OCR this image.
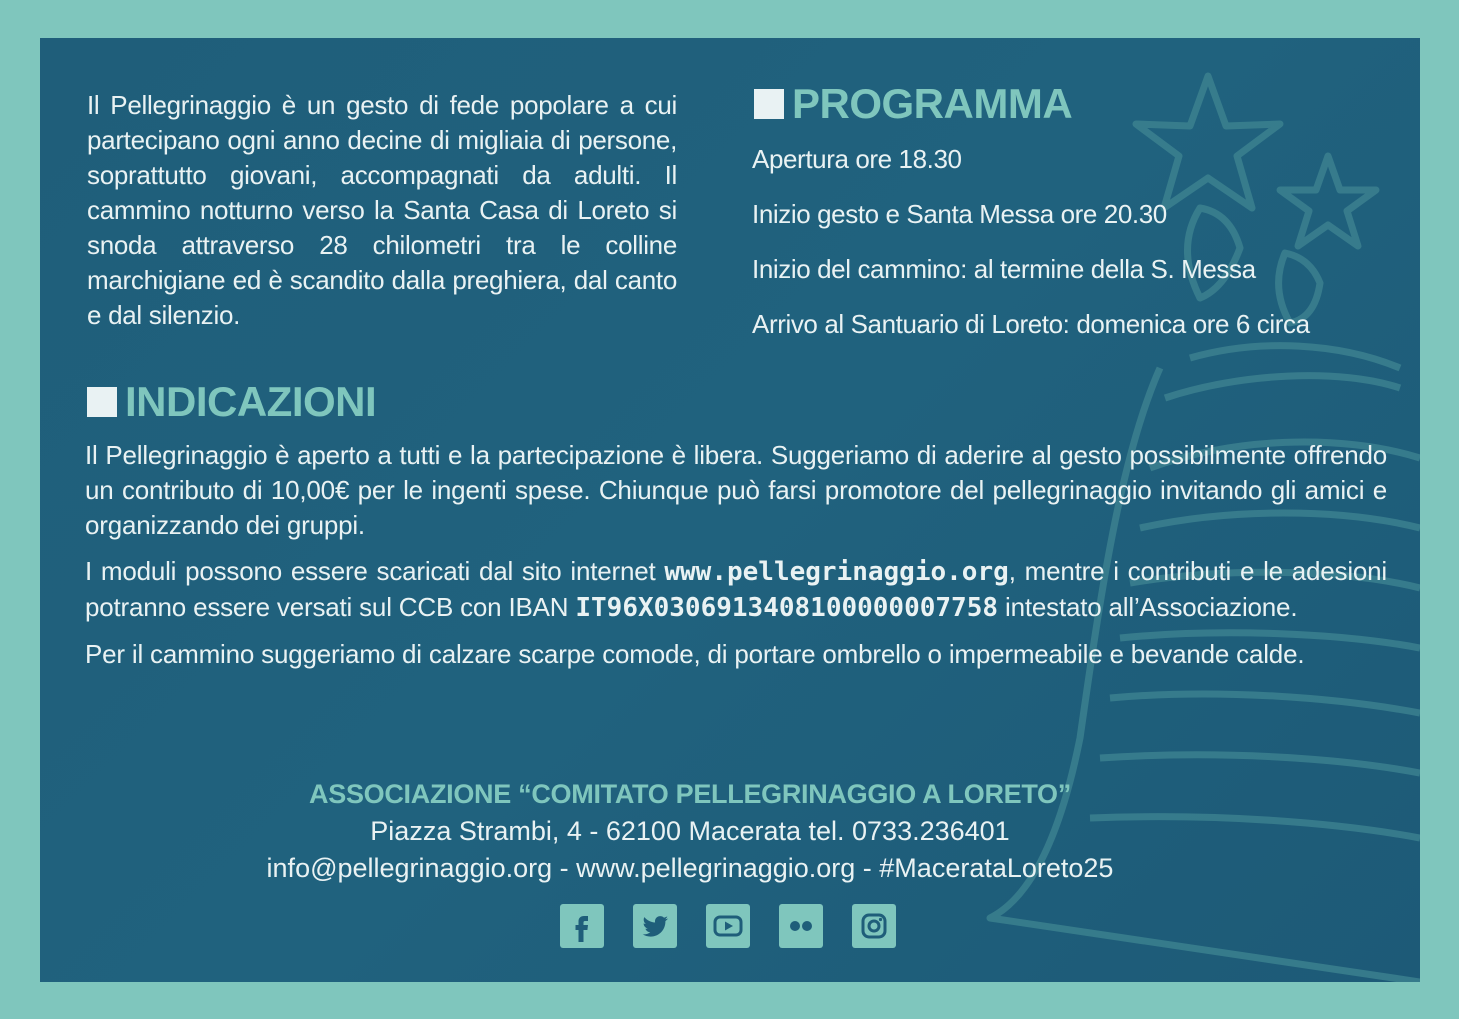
Il Pellegrinaggio è un gesto di fede popolare a cui partecipano ogni anno decine di migliaia di persone, soprattutto giovani, accompagnati da adulti. Il cammino notturno verso la Santa Casa di Loreto si snoda attraverso 28 chilometri tra le colline marchigiane ed è scandito dalla preghiera, dal canto e dal silenzio.
PROGRAMMA
Apertura ore 18.30
Inizio gesto e Santa Messa ore 20.30
Inizio del cammino: al termine della S. Messa
Arrivo al Santuario di Loreto: domenica ore 6 circa
INDICAZIONI

Il Pellegrinaggio è aperto a tutti e la partecipazione è libera. Suggeriamo di aderire al gesto possibilmente offrendo un contributo di 10,00€ per le ingenti spese. Chiunque può farsi promotore del pellegrinaggio invitando gli amici e organizzando dei gruppi.

I moduli possono essere scaricati dal sito internet www.pellegrinaggio.org, mentre i contributi e le adesioni potranno essere versati sul CCB con IBAN IT96X0306913408100000007758 intestato all’Associazione.

Per il cammino suggeriamo di calzare scarpe comode, di portare ombrello o impermeabile e bevande calde.

ASSOCIAZIONE “COMITATO PELLEGRINAGGIO A LORETO”
Piazza Strambi, 4 - 62100 Macerata tel. 0733.236401
info@pellegrinaggio.org - www.pellegrinaggio.org - #MacerataLoreto25
